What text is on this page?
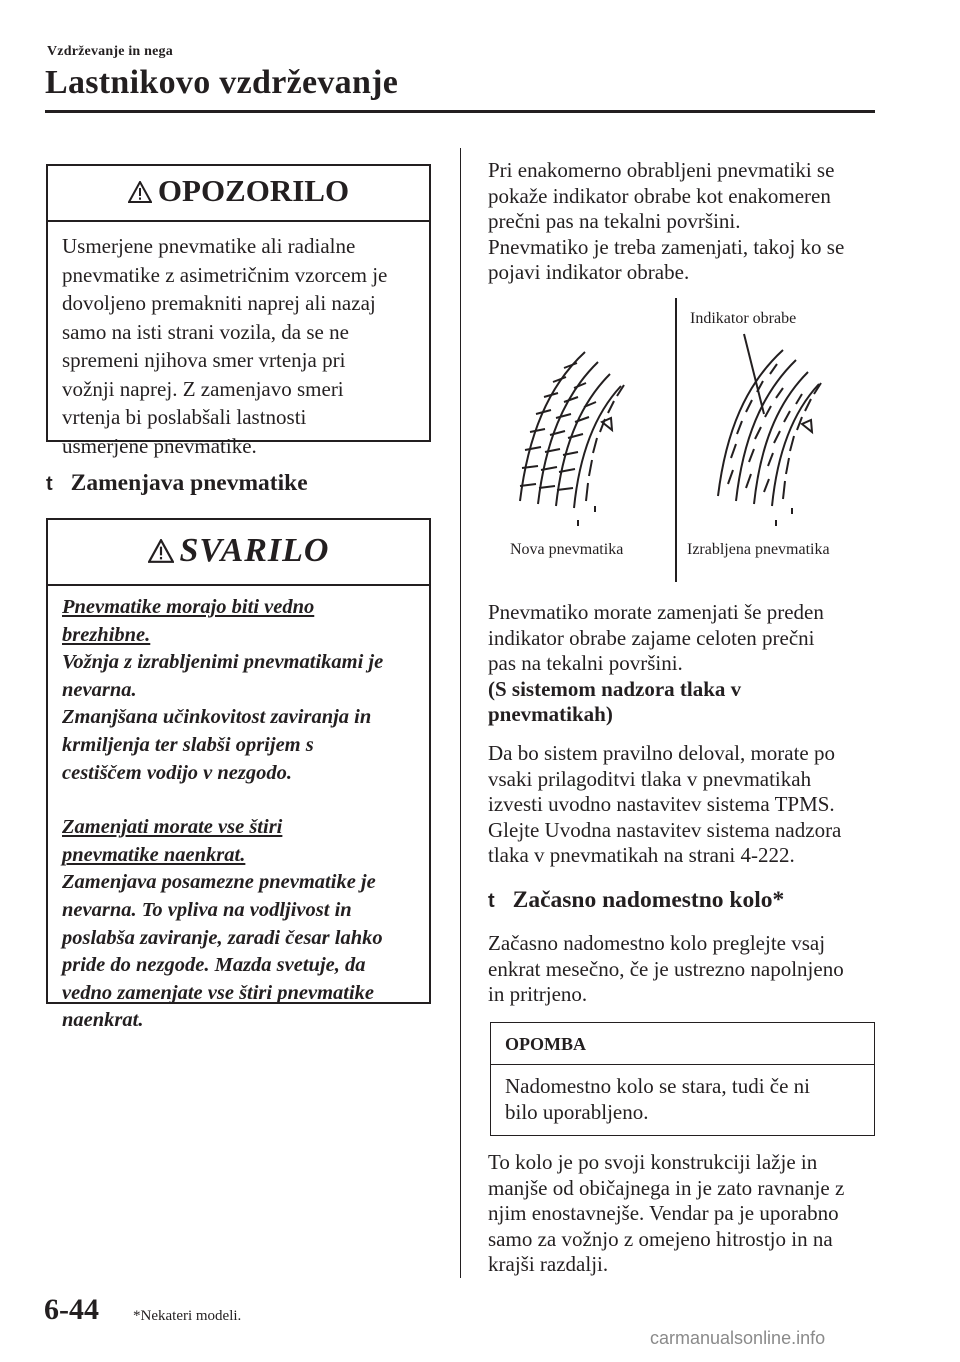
Vzdrževanje in nega
Lastnikovo vzdrževanje
OPOZORILO
Usmerjene pnevmatike ali radialne
pnevmatike z asimetričnim vzorcem je
dovoljeno premakniti naprej ali nazaj
samo na isti strani vozila, da se ne
spremeni njihova smer vrtenja pri
vožnji naprej. Z zamenjavo smeri
vrtenja bi poslabšali lastnosti
usmerjene pnevmatike.
t Zamenjava pnevmatike
SVARILO
Pnevmatike morajo biti vedno
brezhibne.
Vožnja z izrabljenimi pnevmatikami je
nevarna.
Zmanjšana učinkovitost zaviranja in
krmiljenja ter slabši oprijem s
cestiščem vodijo v nezgodo.
Zamenjati morate vse štiri
pnevmatike naenkrat.
Zamenjava posamezne pnevmatike je
nevarna. To vpliva na vodljivost in
poslabša zaviranje, zaradi česar lahko
pride do nezgode. Mazda svetuje, da
vedno zamenjate vse štiri pnevmatike
naenkrat.
Pri enakomerno obrabljeni pnevmatiki se
pokaže indikator obrabe kot enakomeren
prečni pas na tekalni površini.
Pnevmatiko je treba zamenjati, takoj ko se
pojavi indikator obrabe.
Indikator obrabe
Nova pnevmatika	Izrabljena pnevmatika
Pnevmatiko morate zamenjati še preden
indikator obrabe zajame celoten prečni
pas na tekalni površini.
(S sistemom nadzora tlaka v
pnevmatikah)
Da bo sistem pravilno deloval, morate po
vsaki prilagoditvi tlaka v pnevmatikah
izvesti uvodno nastavitev sistema TPMS.
Glejte Uvodna nastavitev sistema nadzora
tlaka v pnevmatikah na strani 4-222.
t Začasno nadomestno kolo*
Začasno nadomestno kolo preglejte vsaj
enkrat mesečno, če je ustrezno napolnjeno
in pritrjeno.
OPOMBA
Nadomestno kolo se stara, tudi če ni
bilo uporabljeno.
To kolo je po svoji konstrukciji lažje in
manjše od običajnega in je zato ravnanje z
njim enostavnejše. Vendar pa je uporabno
samo za vožnjo z omejeno hitrostjo in na
krajši razdalji.
6-44 *Nekateri modeli.
carmanualsonline.info
